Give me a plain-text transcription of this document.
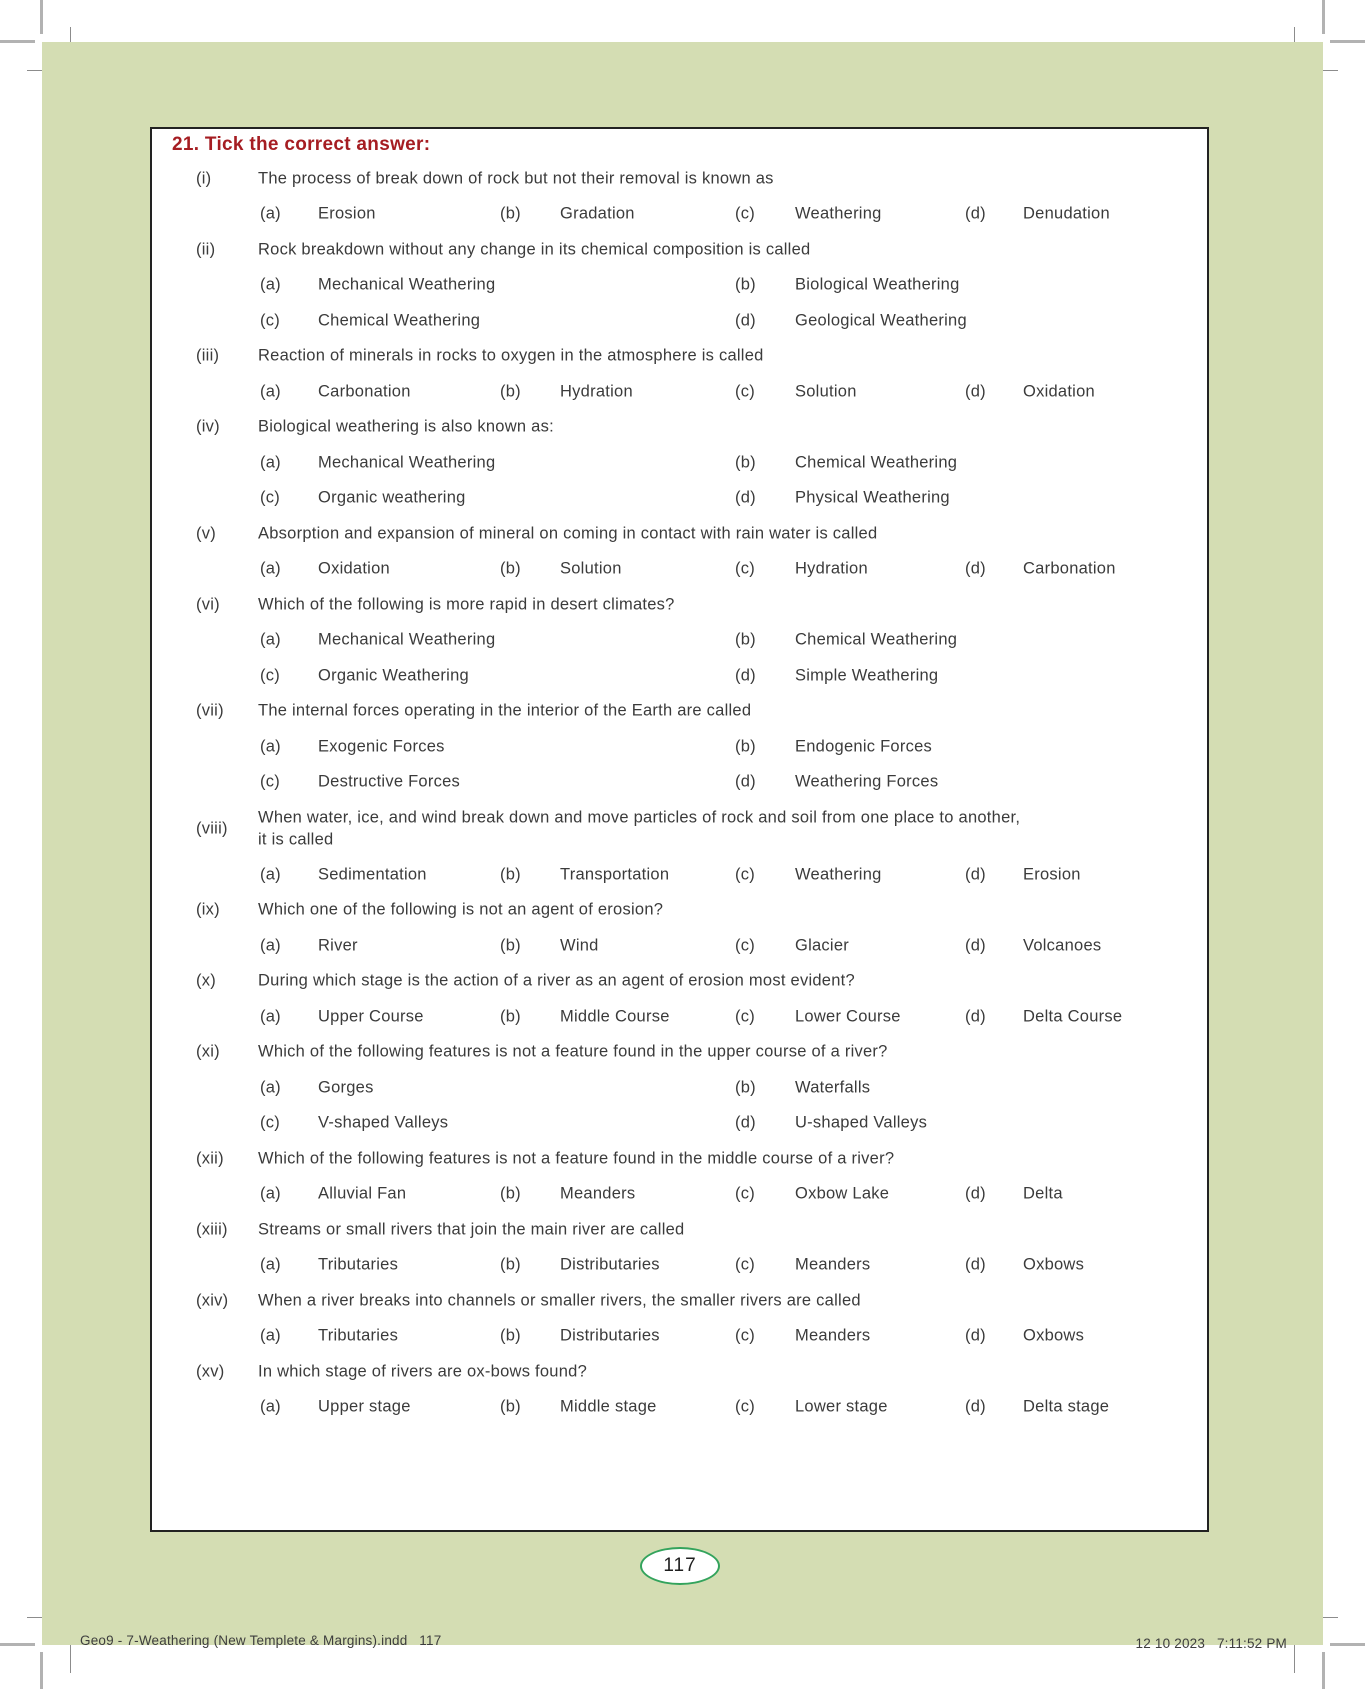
21. Tick the correct answer:
(i)	The process of break down of rock but not their removal is known as
(a)	Erosion	(b)	Gradation	(c)	Weathering	(d)	Denudation
(ii)	Rock breakdown without any change in its chemical composition is called
(a)	Mechanical Weathering	(b)	Biological Weathering
(c)	Chemical Weathering	(d)	Geological Weathering
(iii)	Reaction of minerals in rocks to oxygen in the atmosphere is called
(a)	Carbonation	(b)	Hydration	(c)	Solution	(d)	Oxidation
(iv)	Biological weathering is also known as:
(a)	Mechanical Weathering	(b)	Chemical Weathering
(c)	Organic weathering	(d)	Physical Weathering
(v)	Absorption and expansion of mineral on coming in contact with rain water is called
(a)	Oxidation	(b)	Solution	(c)	Hydration	(d)	Carbonation
(vi)	Which of the following is more rapid in desert climates?
(a)	Mechanical Weathering	(b)	Chemical Weathering
(c)	Organic Weathering	(d)	Simple Weathering
(vii)	The internal forces operating in the interior of the Earth are called
(a)	Exogenic Forces	(b)	Endogenic Forces
(c)	Destructive Forces	(d)	Weathering Forces
(viii)
When water, ice, and wind break down and move particles of rock and soil from one place to another,
it is called
(a)	Sedimentation	(b)	Transportation	(c)	Weathering	(d)	Erosion
(ix)	Which one of the following is not an agent of erosion?
(a)	River	(b)	Wind	(c)	Glacier	(d)	Volcanoes
(x)	During which stage is the action of a river as an agent of erosion most evident?
(a)	Upper Course	(b)	Middle Course	(c)	Lower Course	(d)	Delta Course
(xi)	Which of the following features is not a feature found in the upper course of a river?
(a)	Gorges	(b)	Waterfalls
(c)	V-shaped Valleys	(d)	U-shaped Valleys
(xii)	Which of the following features is not a feature found in the middle course of a river?
(a)	Alluvial Fan	(b)	Meanders	(c)	Oxbow Lake	(d)	Delta
(xiii)	Streams or small rivers that join the main river are called
(a)	Tributaries	(b)	Distributaries	(c)	Meanders	(d)	Oxbows
(xiv)	When a river breaks into channels or smaller rivers, the smaller rivers are called
(a)	Tributaries	(b)	Distributaries	(c)	Meanders	(d)	Oxbows
(xv)	In which stage of rivers are ox-bows found?
(a)	Upper stage	(b)	Middle stage	(c)	Lower stage	(d)	Delta stage
117
Geo9 - 7-Weathering (New Templete & Margins).indd   117	12 10 2023   7:11:52 PM
